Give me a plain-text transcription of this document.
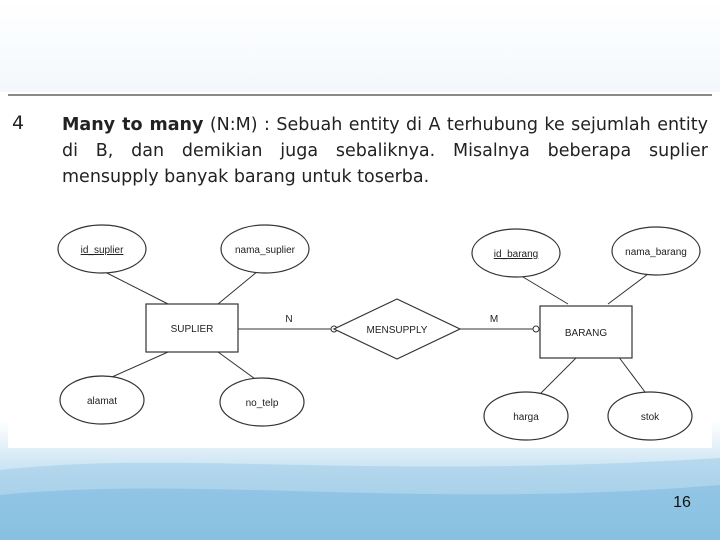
4 Many to many (N:M) : Sebuah entity di A terhubung ke sejumlah entity di B, dan demikian juga sebaliknya. Misalnya beberapa suplier mensupply banyak barang untuk toserba.
SUPLIER	BARANG
MENSUPPLY
N	M
id_suplier	nama_suplier
alamat	no_telp
id_barang	nama_barang
harga	stok
16
